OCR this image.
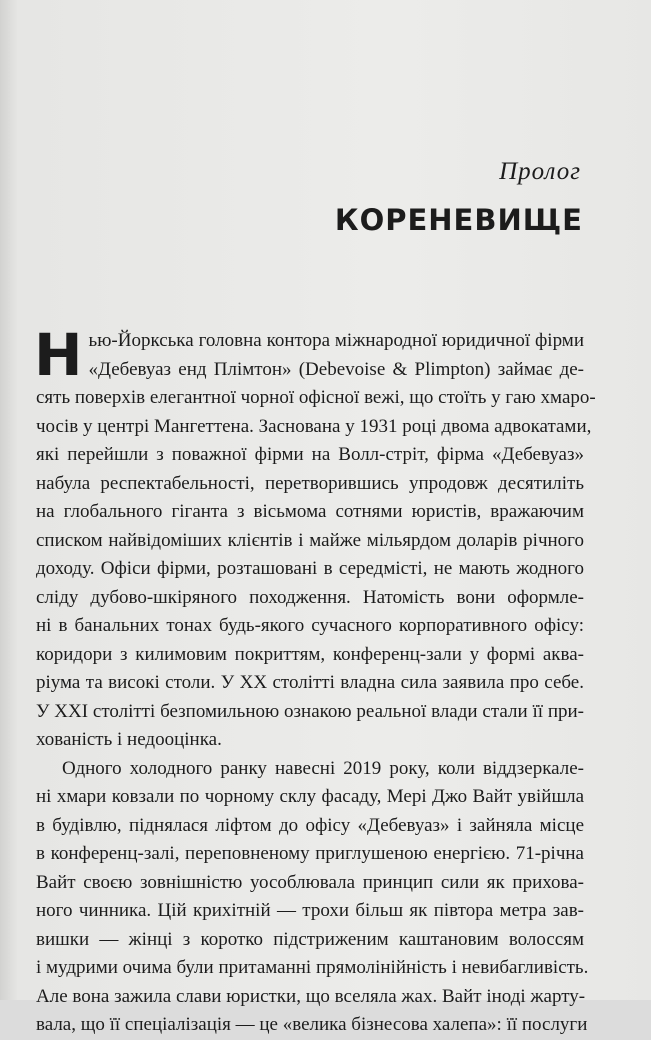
Пролог
КОРЕНЕВИЩЕ

Н ью-Йоркська головна контора міжнародної юридичної фірми
«Дебевуаз енд Плімтон» (Debevoise & Plimpton) займає де-
сять поверхів елегантної чорної офісної вежі, що стоїть у гаю хмаро-
чосів у центрі Мангеттена. Заснована у 1931 році двома адвокатами,
які перейшли з поважної фірми на Волл-стріт, фірма «Дебевуаз»
набула респектабельності, перетворившись упродовж десятиліть
на глобального гіганта з вісьмома сотнями юристів, вражаючим
списком найвідоміших клієнтів і майже мільярдом доларів річного
доходу. Офіси фірми, розташовані в середмісті, не мають жодного
сліду дубово-шкіряного походження. Натомість вони оформле-
ні в банальних тонах будь-якого сучасного корпоративного офісу:
коридори з килимовим покриттям, конференц-зали у формі аква-
ріума та високі столи. У ХХ столітті владна сила заявила про себе.
У XXI столітті безпомильною ознакою реальної влади стали її при-
хованість і недооцінка.

Одного холодного ранку навесні 2019 року, коли віддзеркале-
ні хмари ковзали по чорному склу фасаду, Мері Джо Вайт увійшла
в будівлю, піднялася ліфтом до офісу «Дебевуаз» і зайняла місце
в конференц-залі, переповненому приглушеною енергією. 71-річна
Вайт своєю зовнішністю уособлювала принцип сили як прихова-
ного чинника. Цій крихітній — трохи більш як півтора метра зав-
вишки — жінці з коротко підстриженим каштановим волоссям
і мудрими очима були притаманні прямолінійність і невибагливість.
Але вона зажила слави юристки, що вселяла жах. Вайт іноді жарту-
вала, що її спеціалізація — це «велика бізнесова халепа»: її послуги
